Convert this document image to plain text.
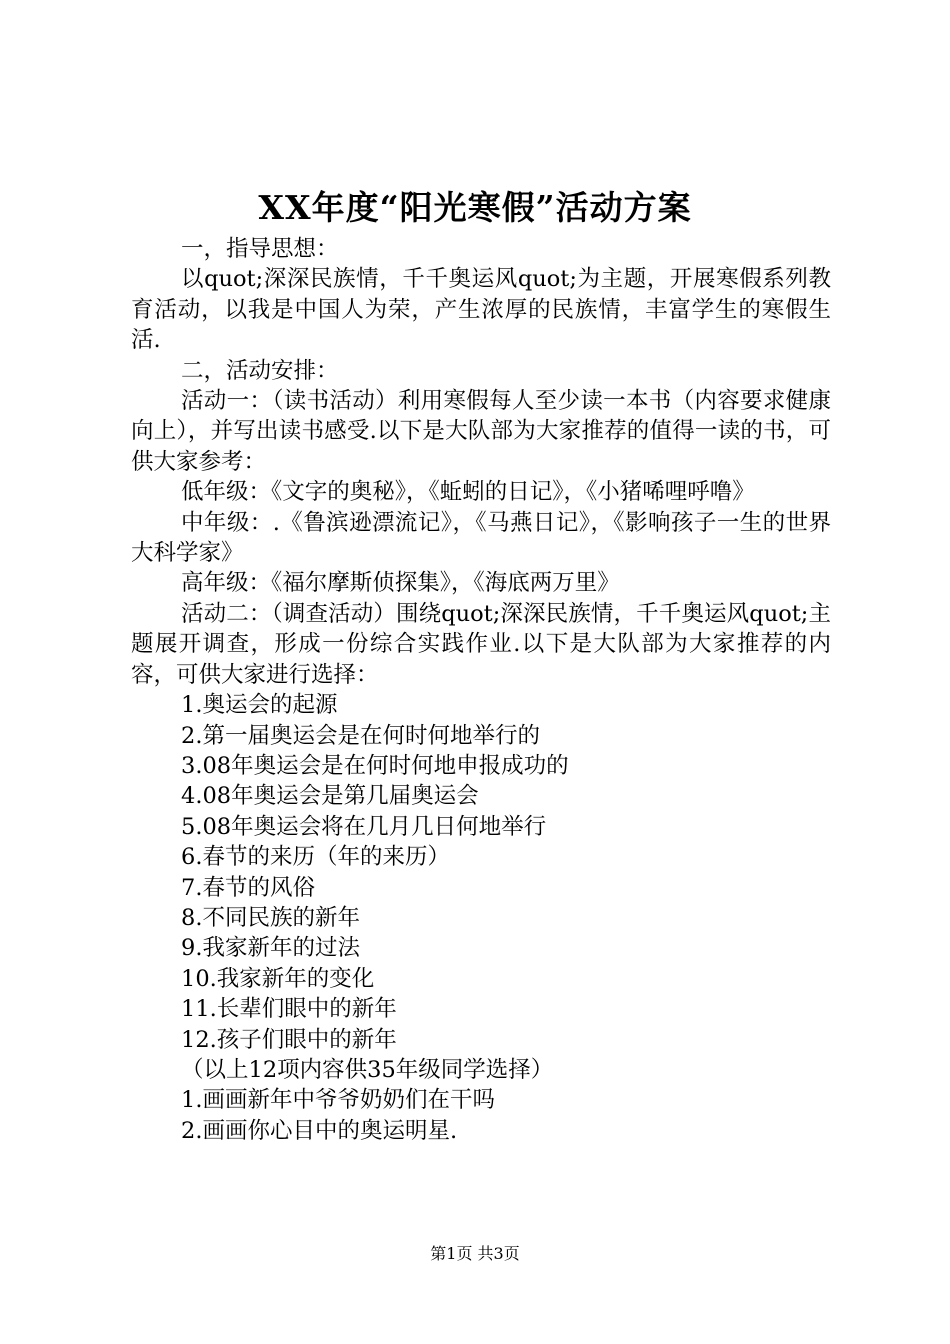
XX年度“阳光寒假”活动方案

一，指导思想：

以quot;深深民族情，千千奥运风quot;为主题，开展寒假系列教育活动，以我是中国人为荣，产生浓厚的民族情，丰富学生的寒假生活.

二，活动安排：

活动一：（读书活动）利用寒假每人至少读一本书（内容要求健康向上），并写出读书感受.以下是大队部为大家推荐的值得一读的书，可供大家参考：

低年级：《文字的奥秘》，《蚯蚓的日记》，《小猪唏哩呼噜》

中年级：.《鲁滨逊漂流记》，《马燕日记》，《影响孩子一生的世界大科学家》

高年级：《福尔摩斯侦探集》，《海底两万里》

活动二：（调查活动）围绕quot;深深民族情，千千奥运风quot;主题展开调查，形成一份综合实践作业.以下是大队部为大家推荐的内容，可供大家进行选择：

1.奥运会的起源

2.第一届奥运会是在何时何地举行的

3.08年奥运会是在何时何地申报成功的

4.08年奥运会是第几届奥运会

5.08年奥运会将在几月几日何地举行

6.春节的来历（年的来历）

7.春节的风俗

8.不同民族的新年

9.我家新年的过法

10.我家新年的变化

11.长辈们眼中的新年

12.孩子们眼中的新年

（以上12项内容供35年级同学选择）

1.画画新年中爷爷奶奶们在干吗

2.画画你心目中的奥运明星.

第1页 共3页
